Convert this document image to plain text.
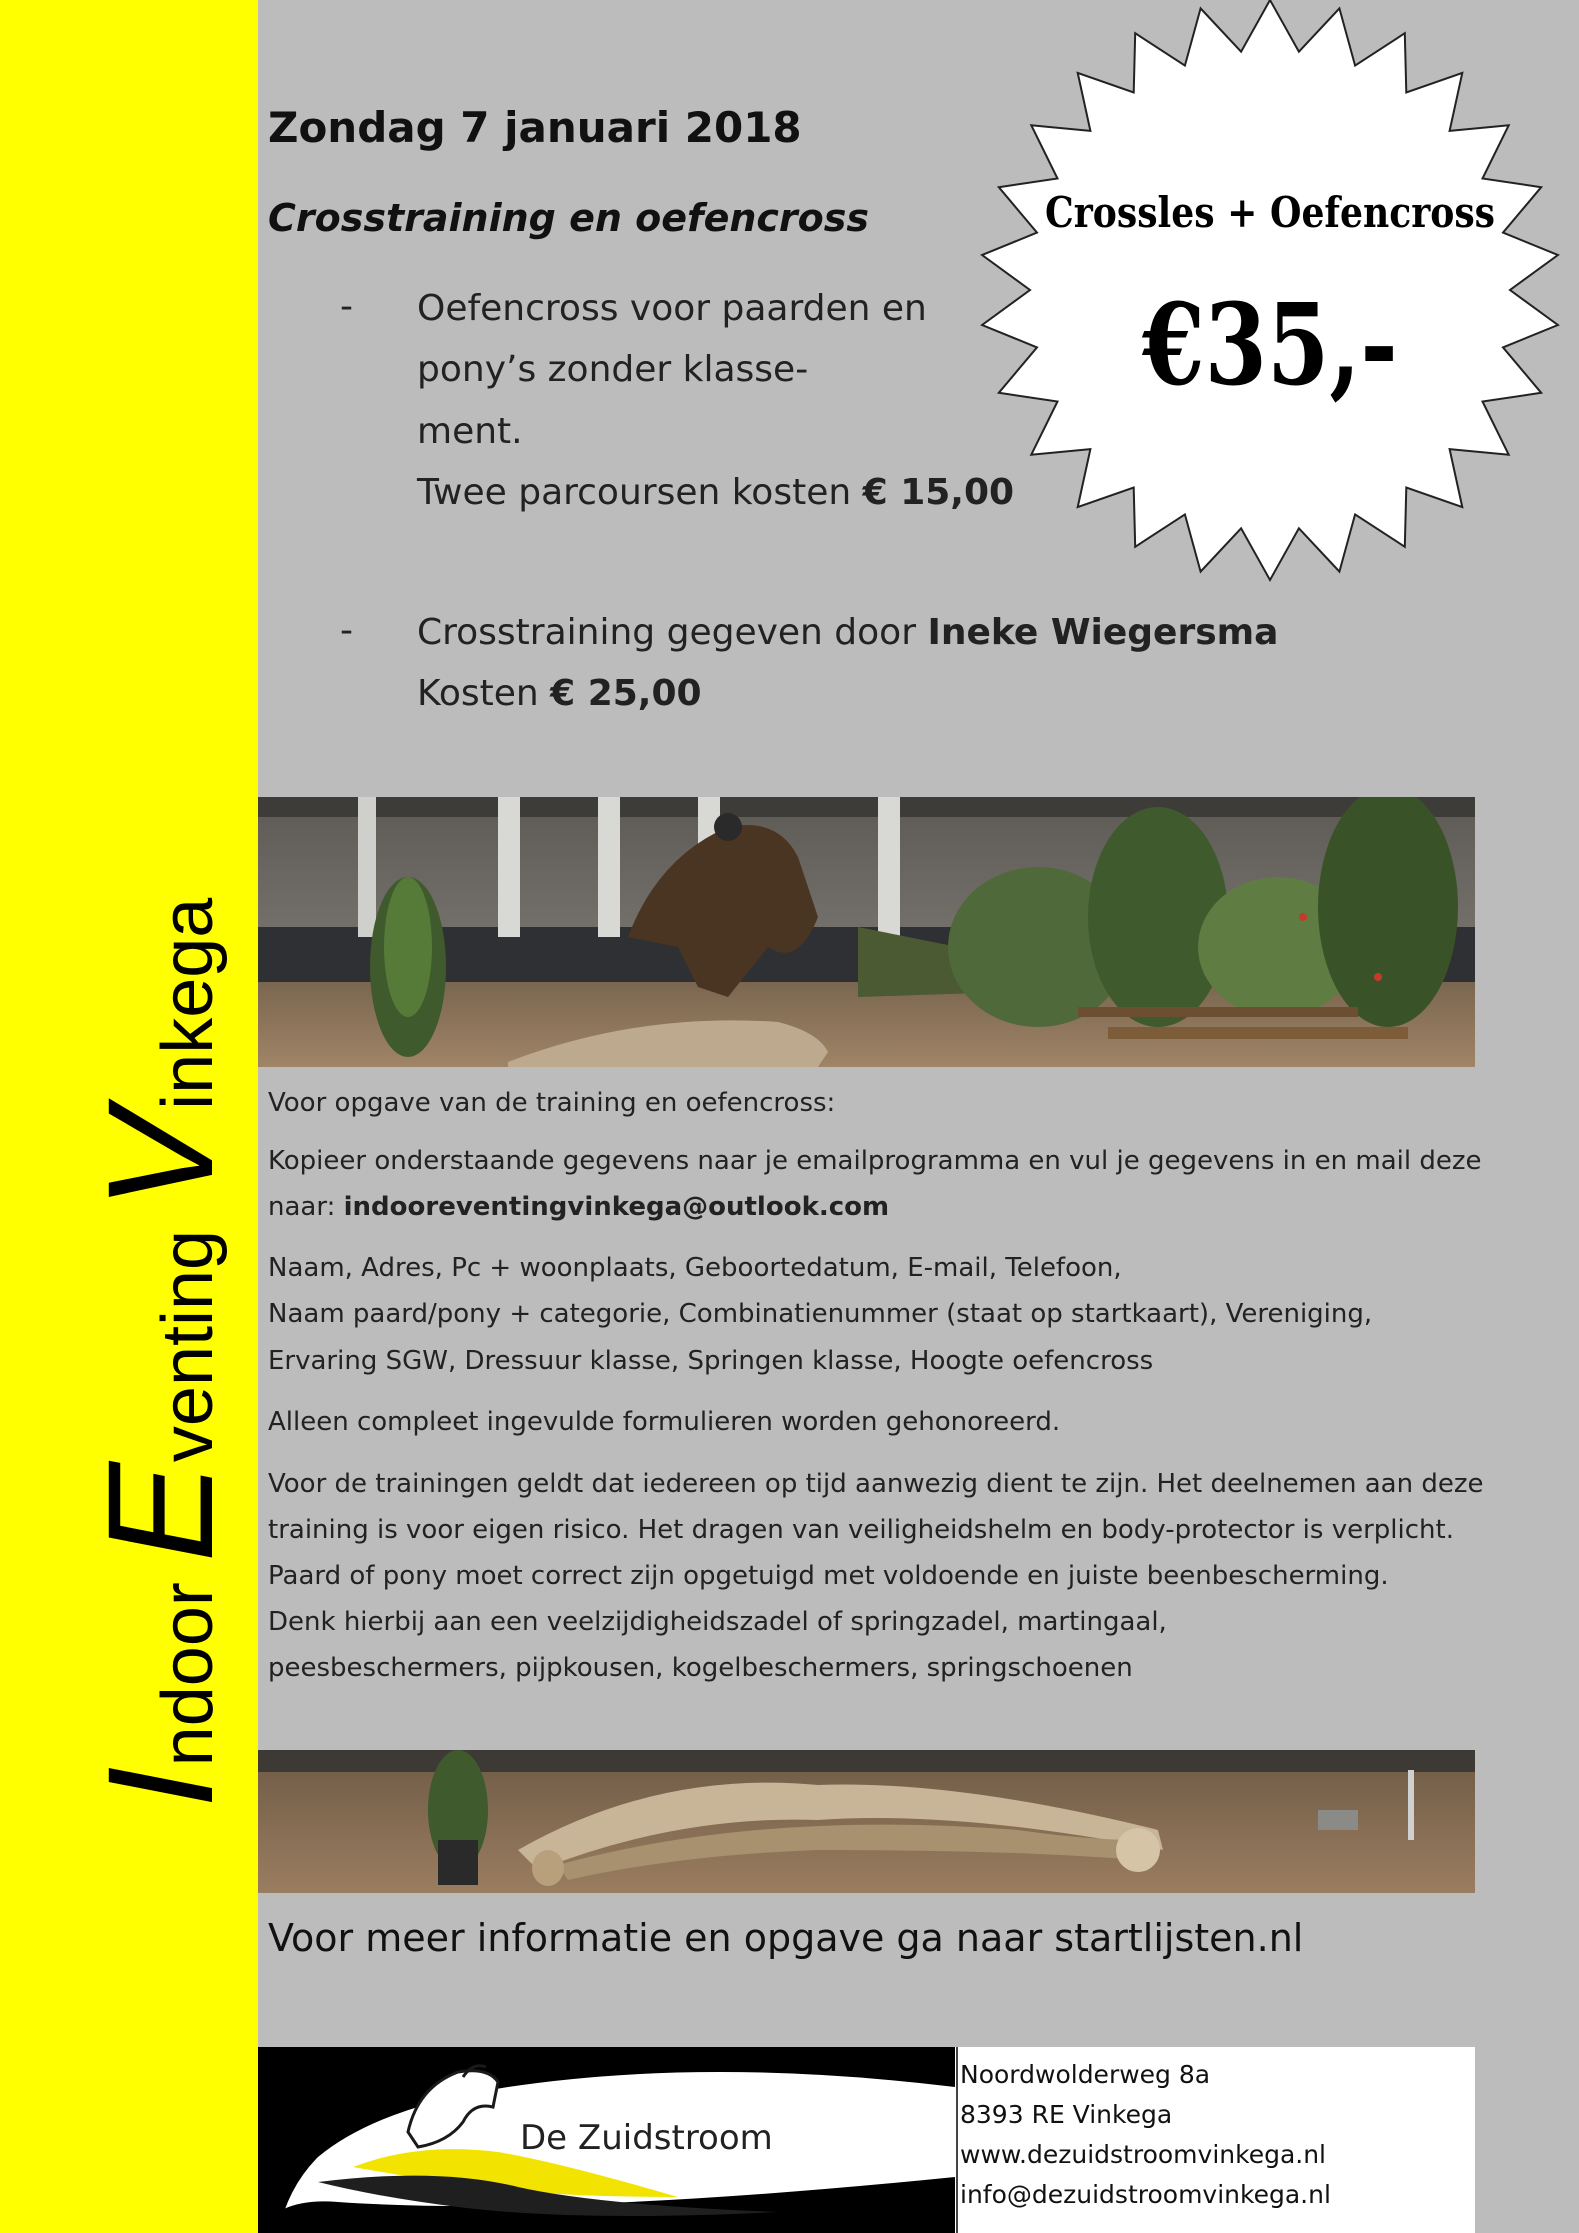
Indoor Eventing Vinkega
Crossles + Oefencross
€35,-
Zondag 7 januari 2018
Crosstraining en oefencross
- Oefencross voor paarden en
pony’s zonder klasse-
ment.
Twee parcoursen kosten € 15,00
- Crosstraining gegeven door Ineke Wiegersma
Kosten € 25,00
Voor opgave van de training en oefencross:
Kopieer onderstaande gegevens naar je emailprogramma en vul je gegevens in en mail deze
naar: indooreventingvinkega@outlook.com
Naam, Adres, Pc + woonplaats, Geboortedatum, E-mail, Telefoon,
Naam paard/pony + categorie, Combinatienummer (staat op startkaart), Vereniging,
Ervaring SGW, Dressuur klasse, Springen klasse, Hoogte oefencross
Alleen compleet ingevulde formulieren worden gehonoreerd.
Voor de trainingen geldt dat iedereen op tijd aanwezig dient te zijn. Het deelnemen aan deze
training is voor eigen risico. Het dragen van veiligheidshelm en body-protector is verplicht.
Paard of pony moet correct zijn opgetuigd met voldoende en juiste beenbescherming.
Denk hierbij aan een veelzijdigheidszadel of springzadel, martingaal,
peesbeschermers, pijpkousen, kogelbeschermers, springschoenen
Voor meer informatie en opgave ga naar startlijsten.nl
De Zuidstroom
Noordwolderweg 8a
8393 RE Vinkega
www.dezuidstroomvinkega.nl
info@dezuidstroomvinkega.nl
